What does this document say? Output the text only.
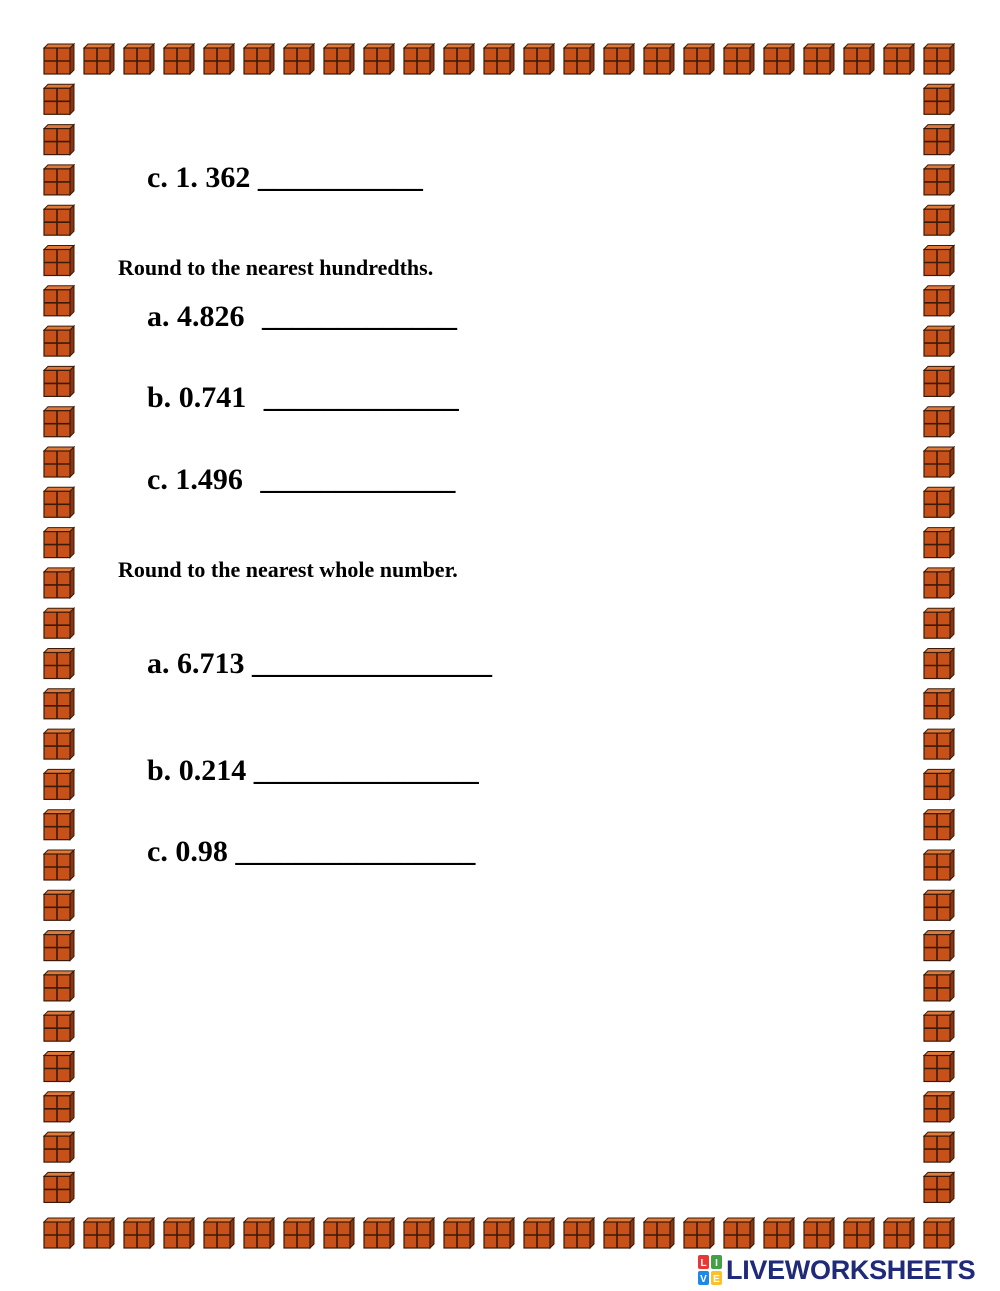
c. 1. 362 ___________
Round to the nearest hundredths.
a. 4.826 _____________
b. 0.741 _____________
c. 1.496 _____________
Round to the nearest whole number.
a. 6.713 ________________
b. 0.214 _______________
c. 0.98 ________________
L I
V E LIVEWORKSHEETS
